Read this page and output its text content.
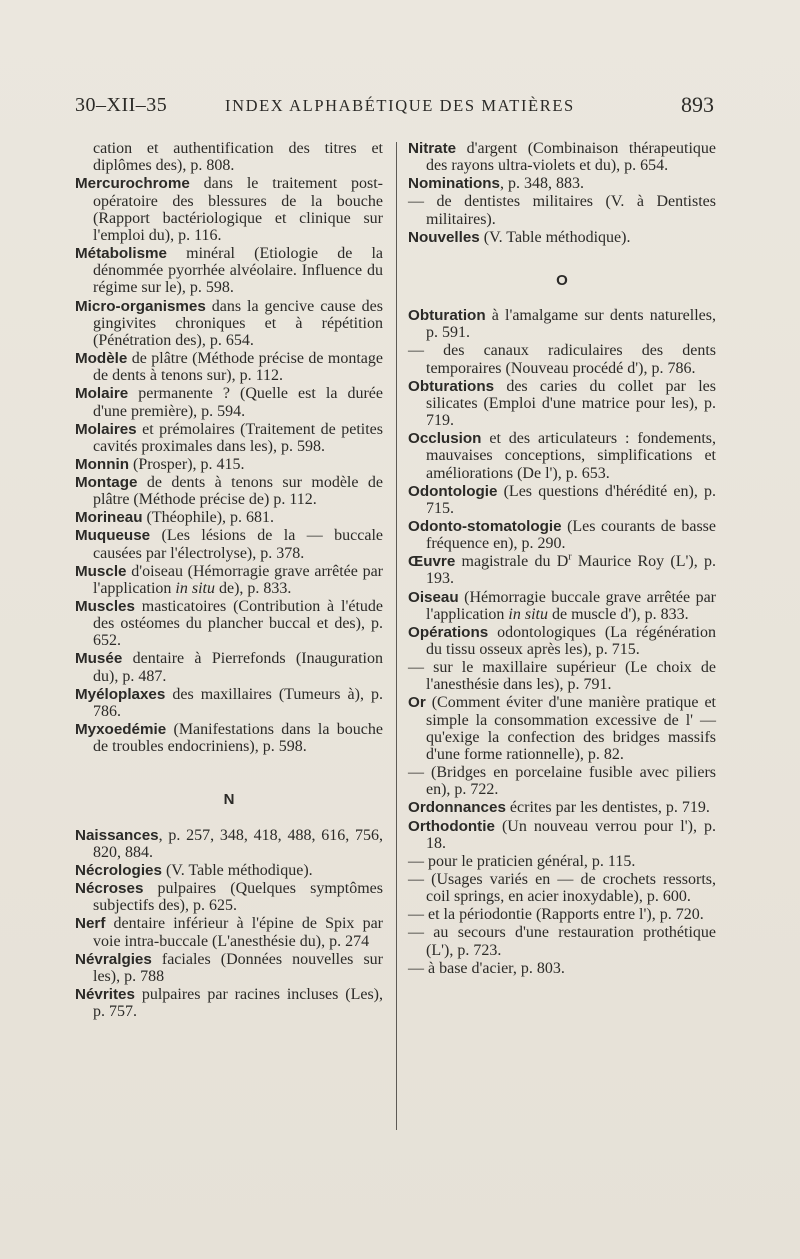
30–XII–35	INDEX ALPHABÉTIQUE DES MATIÈRES	893

cation et authentification des titres et diplômes des), p. 808.

Mercurochrome dans le traitement post-opératoire des blessures de la bouche (Rapport bactériologique et clinique sur l'emploi du), p. 116.

Métabolisme minéral (Etiologie de la dénommée pyorrhée alvéolaire. Influence du régime sur le), p. 598.

Micro-organismes dans la gencive cause des gingivites chroniques et à répétition (Pénétration des), p. 654.

Modèle de plâtre (Méthode précise de montage de dents à tenons sur), p. 112.

Molaire permanente ? (Quelle est la durée d'une première), p. 594.

Molaires et prémolaires (Traitement de petites cavités proximales dans les), p. 598.

Monnin (Prosper), p. 415.

Montage de dents à tenons sur modèle de plâtre (Méthode précise de) p. 112.

Morineau (Théophile), p. 681.

Muqueuse (Les lésions de la — buccale causées par l'électrolyse), p. 378.

Muscle d'oiseau (Hémorragie grave arrêtée par l'application in situ de), p. 833.

Muscles masticatoires (Contribution à l'étude des ostéomes du plancher buccal et des), p. 652.

Musée dentaire à Pierrefonds (Inauguration du), p. 487.

Myéloplaxes des maxillaires (Tumeurs à), p. 786.

Myxoedémie (Manifestations dans la bouche de troubles endocriniens), p. 598.

N

Naissances, p. 257, 348, 418, 488, 616, 756, 820, 884.

Nécrologies (V. Table méthodique).

Nécroses pulpaires (Quelques symptômes subjectifs des), p. 625.

Nerf dentaire inférieur à l'épine de Spix par voie intra-buccale (L'anesthésie du), p. 274

Névralgies faciales (Données nouvelles sur les), p. 788

Névrites pulpaires par racines incluses (Les), p. 757.

Nitrate d'argent (Combinaison thérapeutique des rayons ultra-violets et du), p. 654.

Nominations, p. 348, 883.

— de dentistes militaires (V. à Dentistes militaires).

Nouvelles (V. Table méthodique).

O

Obturation à l'amalgame sur dents naturelles, p. 591.

— des canaux radiculaires des dents temporaires (Nouveau procédé d'), p. 786.

Obturations des caries du collet par les silicates (Emploi d'une matrice pour les), p. 719.

Occlusion et des articulateurs : fondements, mauvaises conceptions, simplifications et améliorations (De l'), p. 653.

Odontologie (Les questions d'hérédité en), p. 715.

Odonto-stomatologie (Les courants de basse fréquence en), p. 290.

Œuvre magistrale du $D^r$ Maurice Roy (L'), p. 193.

Oiseau (Hémorragie buccale grave arrêtée par l'application in situ de muscle d'), p. 833.

Opérations odontologiques (La régénération du tissu osseux après les), p. 715.

— sur le maxillaire supérieur (Le choix de l'anesthésie dans les), p. 791.

Or (Comment éviter d'une manière pratique et simple la consommation excessive de l' — qu'exige la confection des bridges massifs d'une forme rationnelle), p. 82.

— (Bridges en porcelaine fusible avec piliers en), p. 722.

Ordonnances écrites par les dentistes, p. 719.

Orthodontie (Un nouveau verrou pour l'), p. 18.

— pour le praticien général, p. 115.

— (Usages variés en — de crochets ressorts, coil springs, en acier inoxydable), p. 600.

— et la périodontie (Rapports entre l'), p. 720.

— au secours d'une restauration prothétique (L'), p. 723.

— à base d'acier, p. 803.
